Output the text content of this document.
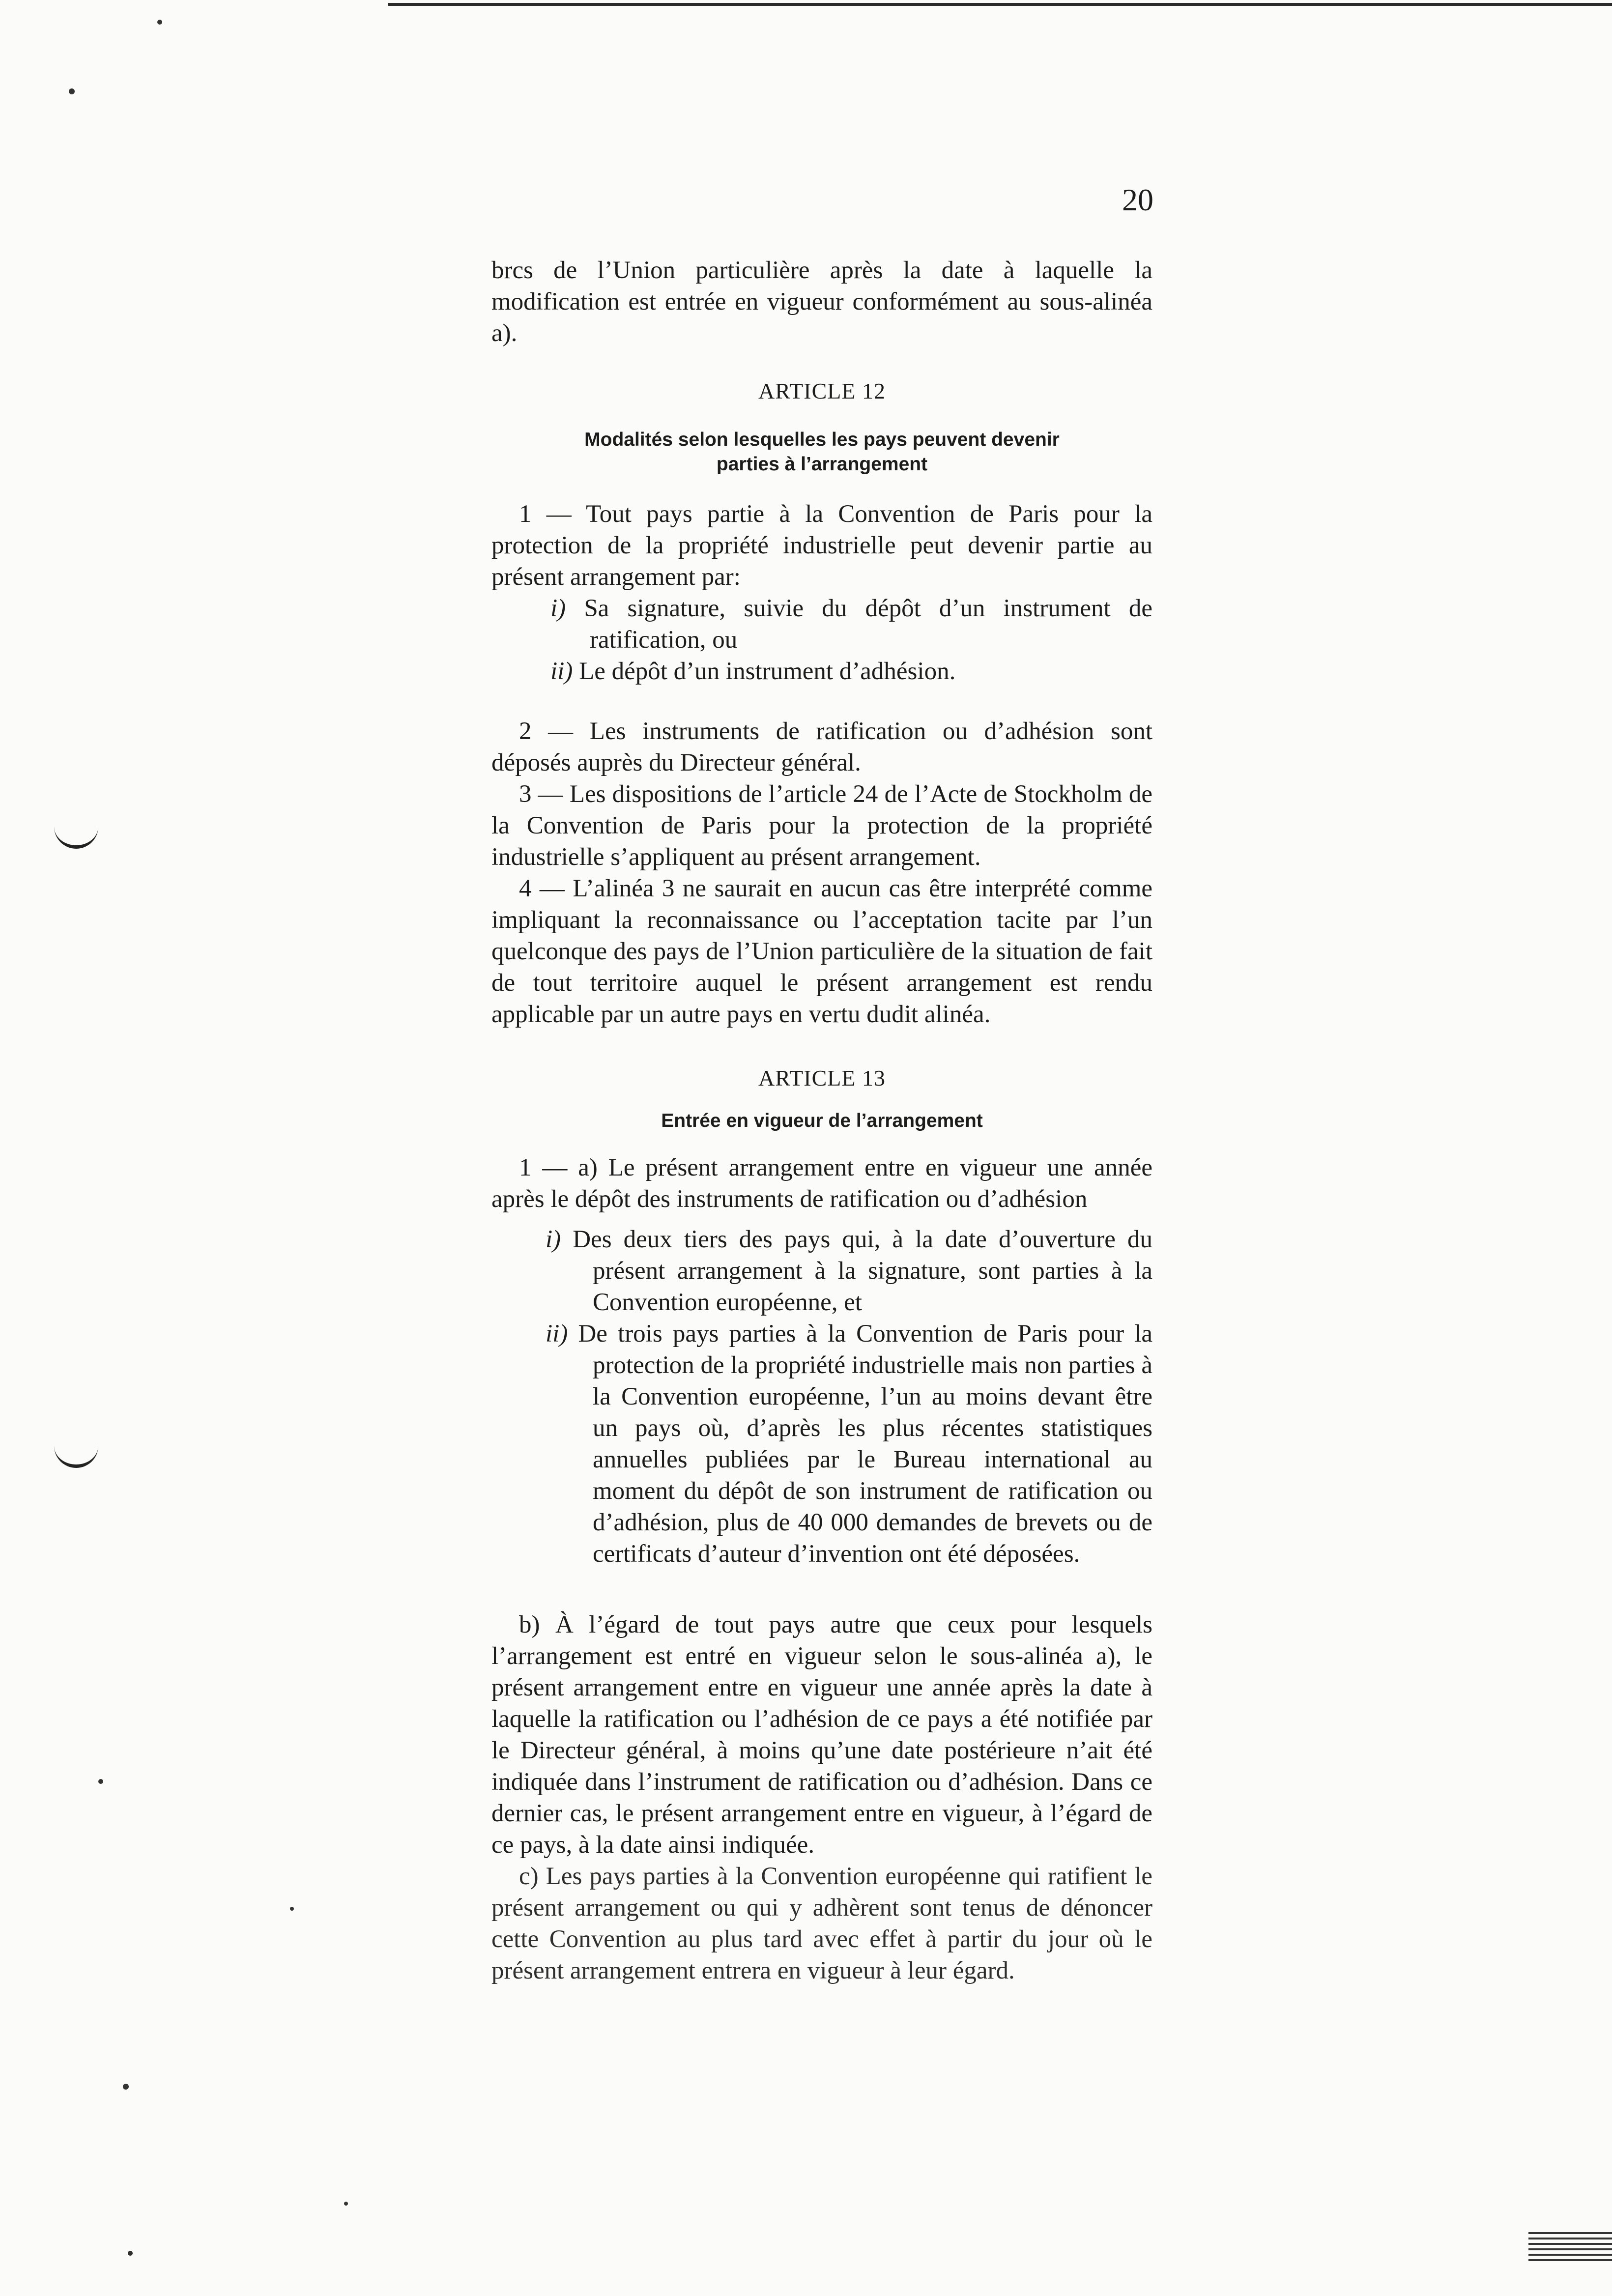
20

brcs de l’Union particulière après la date à laquelle la modification est entrée en vigueur conformément au sous-alinéa a).

ARTICLE 12
Modalités selon lesquelles les pays peuvent devenir
parties à l’arrangement

1 — Tout pays partie à la Convention de Paris pour la protection de la propriété industrielle peut devenir partie au présent arrangement par:

i) Sa signature, suivie du dépôt d’un instrument de ratification, ou

ii) Le dépôt d’un instrument d’adhésion.

2 — Les instruments de ratification ou d’adhésion sont déposés auprès du Directeur général.

3 — Les dispositions de l’article 24 de l’Acte de Stockholm de la Convention de Paris pour la protection de la propriété industrielle s’appliquent au présent arrangement.

4 — L’alinéa 3 ne saurait en aucun cas être interprété comme impliquant la reconnaissance ou l’acceptation tacite par l’un quelconque des pays de l’Union particulière de la situation de fait de tout territoire auquel le présent arrangement est rendu applicable par un autre pays en vertu dudit alinéa.

ARTICLE 13
Entrée en vigueur de l’arrangement

1 — a) Le présent arrangement entre en vigueur une année après le dépôt des instruments de ratification ou d’adhésion

i) Des deux tiers des pays qui, à la date d’ouverture du présent arrangement à la signature, sont parties à la Convention européenne, et

ii) De trois pays parties à la Convention de Paris pour la protection de la propriété industrielle mais non parties à la Convention européenne, l’un au moins devant être un pays où, d’après les plus récentes statistiques annuelles publiées par le Bureau international au moment du dépôt de son instrument de ratification ou d’adhésion, plus de 40 000 demandes de brevets ou de certificats d’auteur d’invention ont été déposées.

b) À l’égard de tout pays autre que ceux pour lesquels l’arrangement est entré en vigueur selon le sous-alinéa a), le présent arrangement entre en vigueur une année après la date à laquelle la ratification ou l’adhésion de ce pays a été notifiée par le Directeur général, à moins qu’une date postérieure n’ait été indiquée dans l’instrument de ratification ou d’adhésion. Dans ce dernier cas, le présent arrangement entre en vigueur, à l’égard de ce pays, à la date ainsi indiquée.

c) Les pays parties à la Convention européenne qui ratifient le présent arrangement ou qui y adhèrent sont tenus de dénoncer cette Convention au plus tard avec effet à partir du jour où le présent arrangement entrera en vigueur à leur égard.
